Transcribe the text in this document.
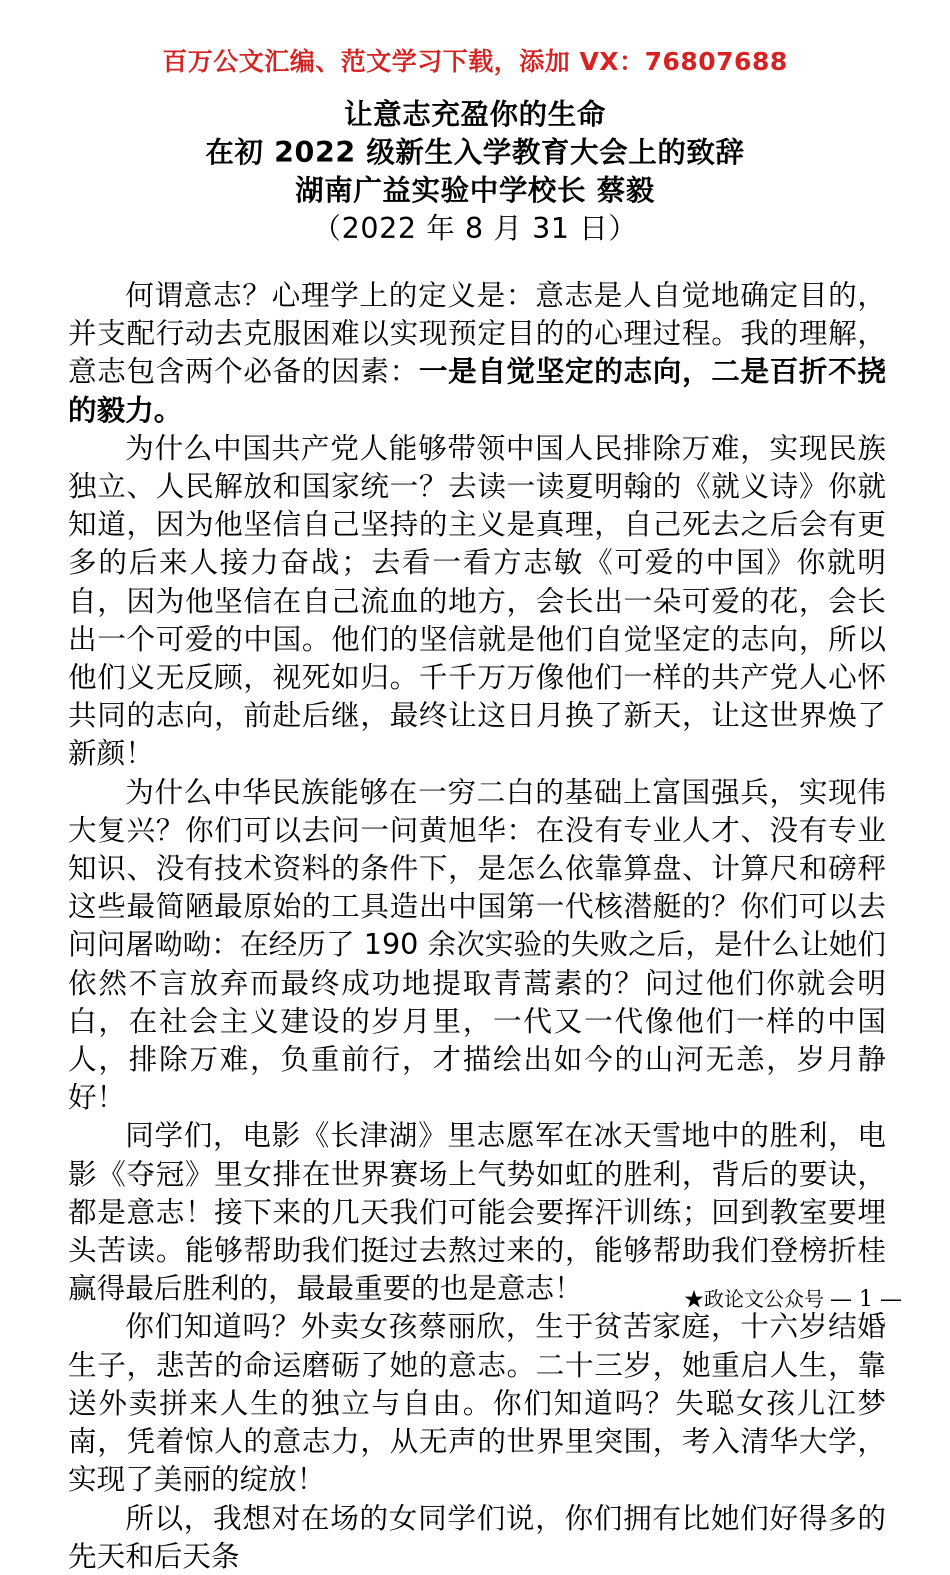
百万公文汇编、范文学习下载，添加 VX：76807688
让意志充盈你的生命
在初 2022 级新生入学教育大会上的致辞
湖南广益实验中学校长 蔡毅
（2022 年 8 月 31 日）

何谓意志？心理学上的定义是：意志是人自觉地确定目的，并支配行动去克服困难以实现预定目的的心理过程。我的理解，意志包含两个必备的因素：一是自觉坚定的志向，二是百折不挠的毅力。

为什么中国共产党人能够带领中国人民排除万难，实现民族独立、人民解放和国家统一？去读一读夏明翰的《就义诗》你就知道，因为他坚信自己坚持的主义是真理，自己死去之后会有更多的后来人接力奋战；去看一看方志敏《可爱的中国》你就明自，因为他坚信在自己流血的地方，会长出一朵可爱的花，会长出一个可爱的中国。他们的坚信就是他们自觉坚定的志向，所以他们义无反顾，视死如归。千千万万像他们一样的共产党人心怀共同的志向，前赴后继，最终让这日月换了新天，让这世界焕了新颜！

为什么中华民族能够在一穷二白的基础上富国强兵，实现伟大复兴？你们可以去问一问黄旭华：在没有专业人才、没有专业知识、没有技术资料的条件下，是怎么依靠算盘、计算尺和磅秤这些最简陋最原始的工具造出中国第一代核潜艇的？你们可以去问问屠呦呦：在经历了 190 余次实验的失败之后，是什么让她们依然不言放弃而最终成功地提取青蒿素的？问过他们你就会明白，在社会主义建设的岁月里，一代又一代像他们一样的中国人，排除万难，负重前行，才描绘出如今的山河无恙，岁月静好！

同学们，电影《长津湖》里志愿军在冰天雪地中的胜利，电影《夺冠》里女排在世界赛场上气势如虹的胜利，背后的要诀，都是意志！接下来的几天我们可能会要挥汗训练；回到教室要埋头苦读。能够帮助我们挺过去熬过来的，能够帮助我们登榜折桂赢得最后胜利的，最最重要的也是意志！

你们知道吗？外卖女孩蔡丽欣，生于贫苦家庭，十六岁结婚生子，悲苦的命运磨砺了她的意志。二十三岁，她重启人生，靠送外卖拼来人生的独立与自由。你们知道吗？失聪女孩儿江梦南，凭着惊人的意志力，从无声的世界里突围，考入清华大学，实现了美丽的绽放！

所以，我想对在场的女同学们说，你们拥有比她们好得多的先天和后天条

★政论文公众号 — 1 —
